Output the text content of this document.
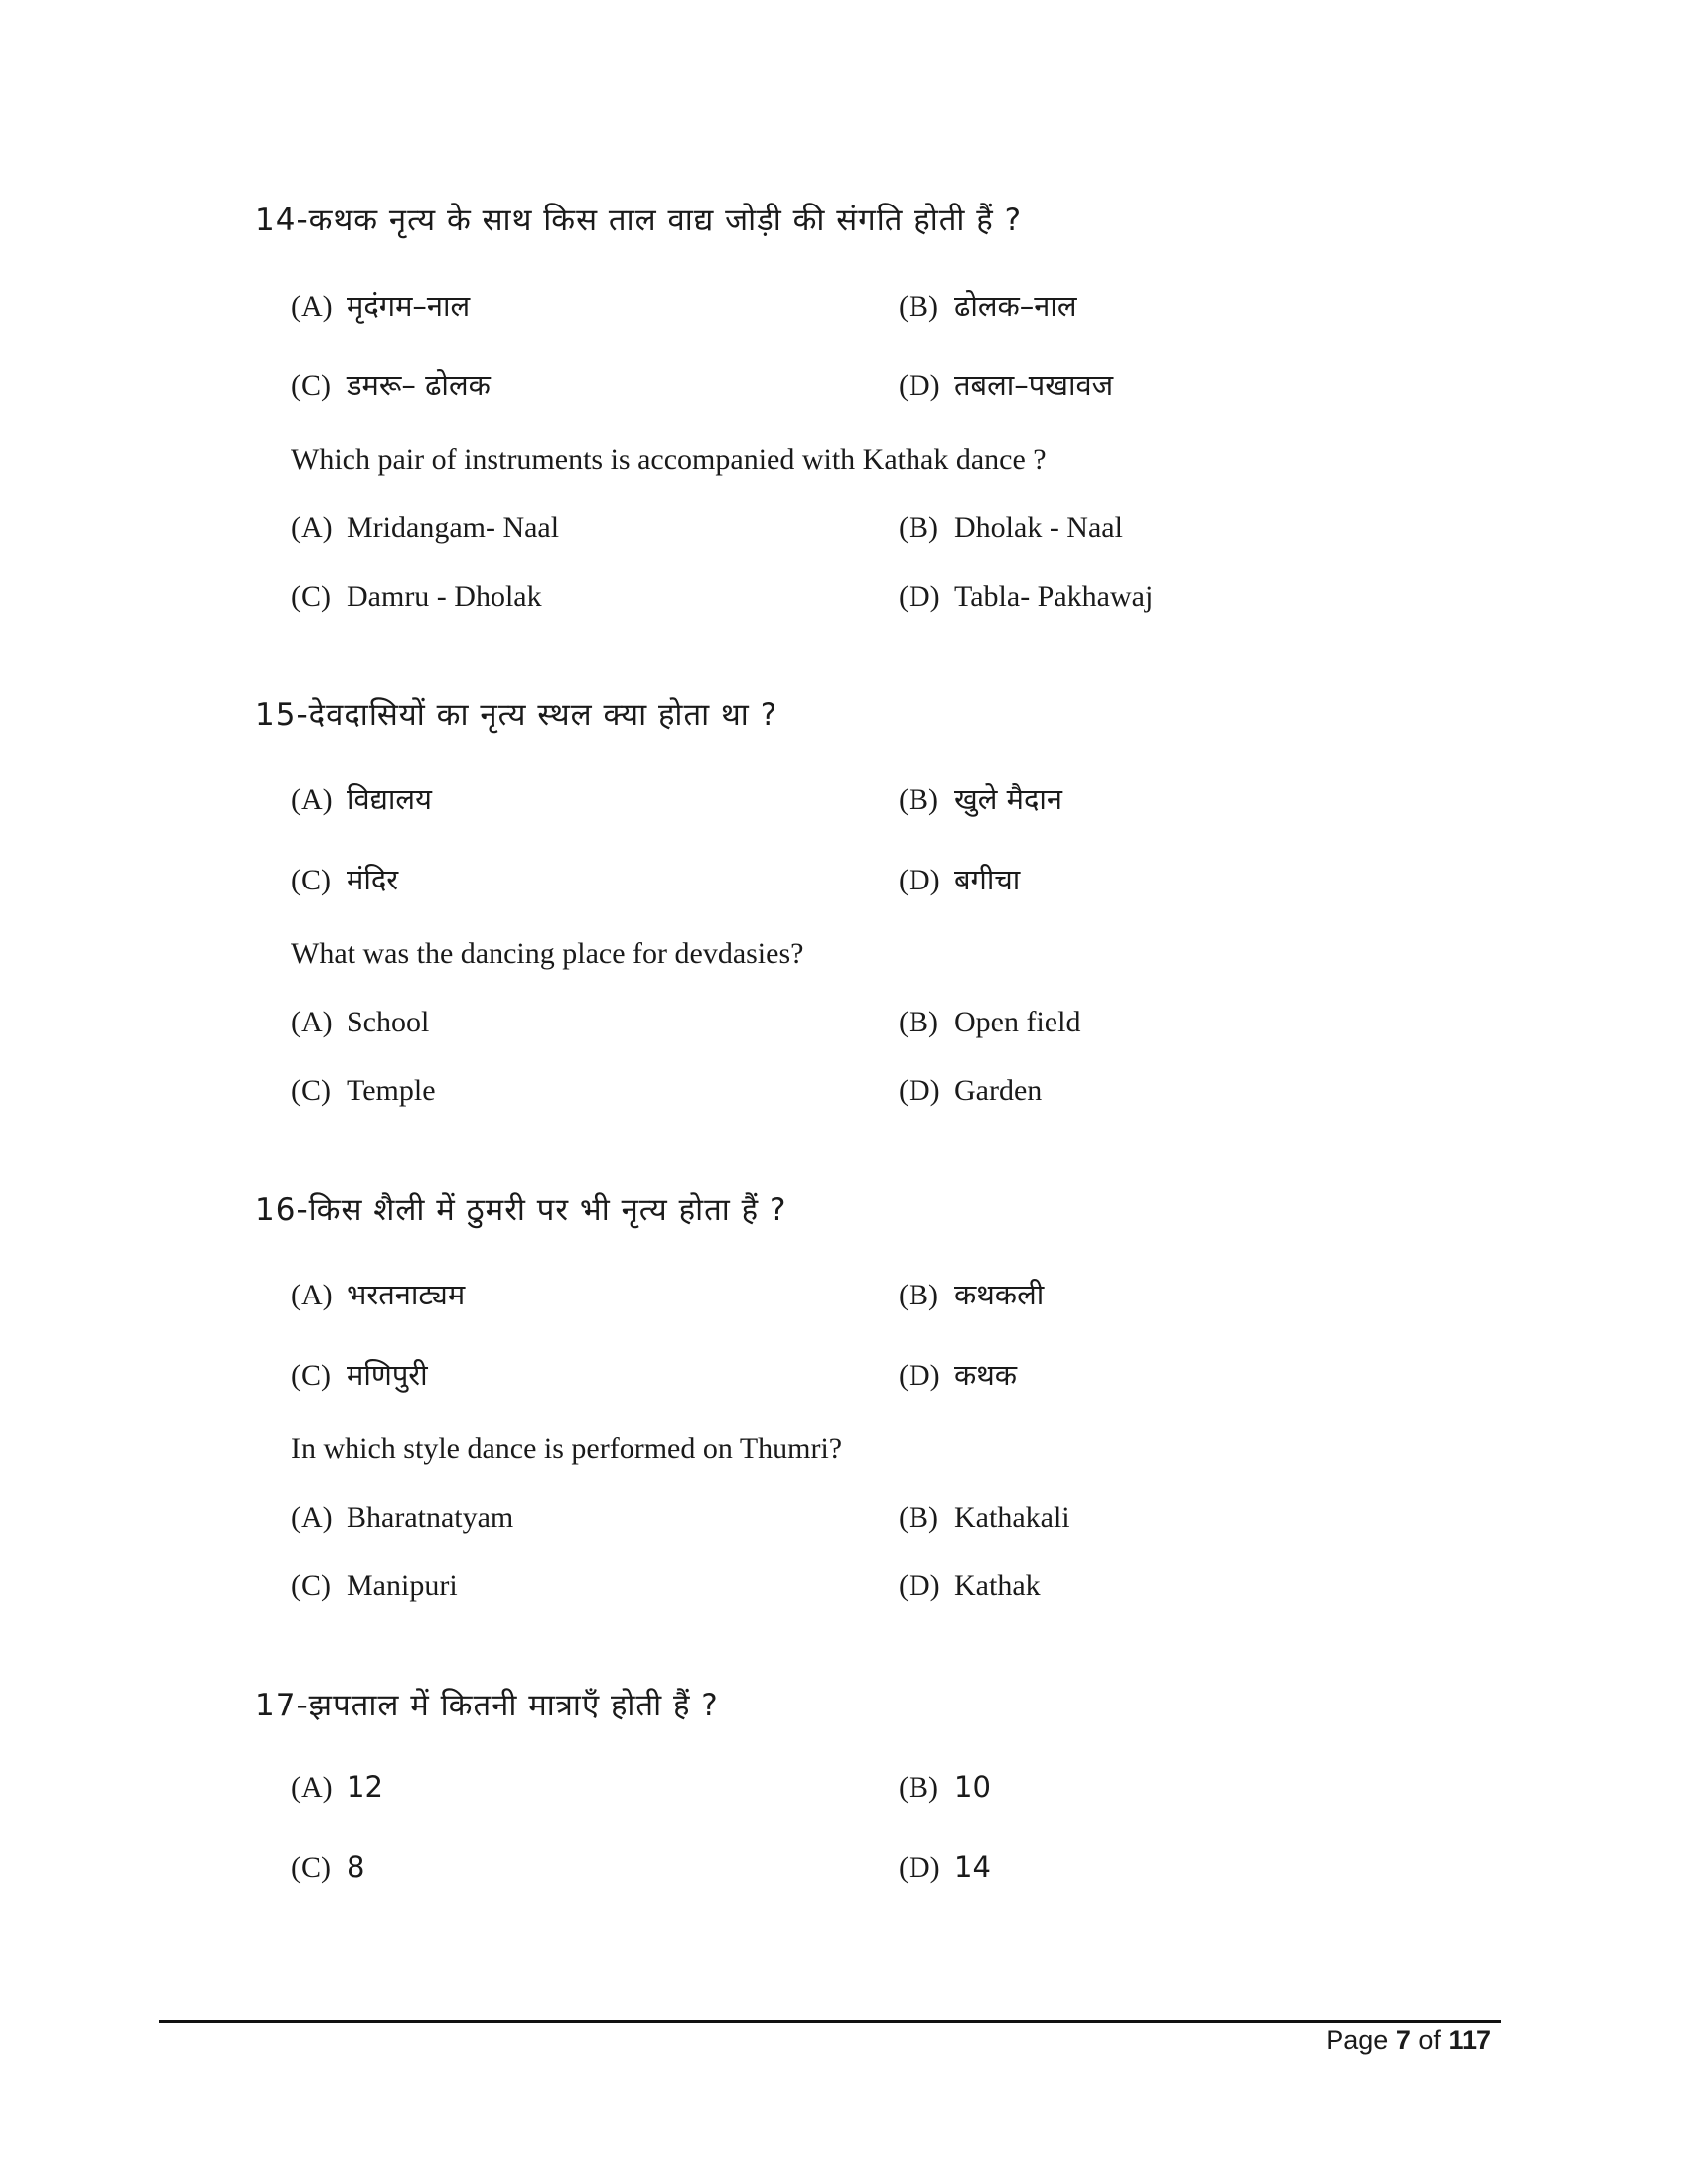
14-कथक नृत्य के साथ किस ताल वाद्य जोड़ी की संगति होती हैं ?
(A) मृदंगम–नाल	(B) ढोलक–नाल
(C) डमरू– ढोलक	(D) तबला–पखावज
Which pair of instruments is accompanied with Kathak dance ?
(A) Mridangam- Naal	(B) Dholak - Naal
(C) Damru - Dholak	(D) Tabla- Pakhawaj
15-देवदासियों का नृत्य स्थल क्या होता था ?
(A) विद्यालय	(B) खुले मैदान
(C) मंदिर	(D) बगीचा
What was the dancing place for devdasies?
(A) School	(B) Open field
(C) Temple	(D) Garden
16-किस शैली में ठुमरी पर भी नृत्य होता हैं ?
(A) भरतनाट्यम	(B) कथकली
(C) मणिपुरी	(D) कथक
In which style dance is performed on Thumri?
(A) Bharatnatyam	(B) Kathakali
(C) Manipuri	(D) Kathak
17-झपताल में कितनी मात्राएँ होती हैं ?
(A) 12	(B) 10
(C) 8	(D) 14
Page 7 of 117
